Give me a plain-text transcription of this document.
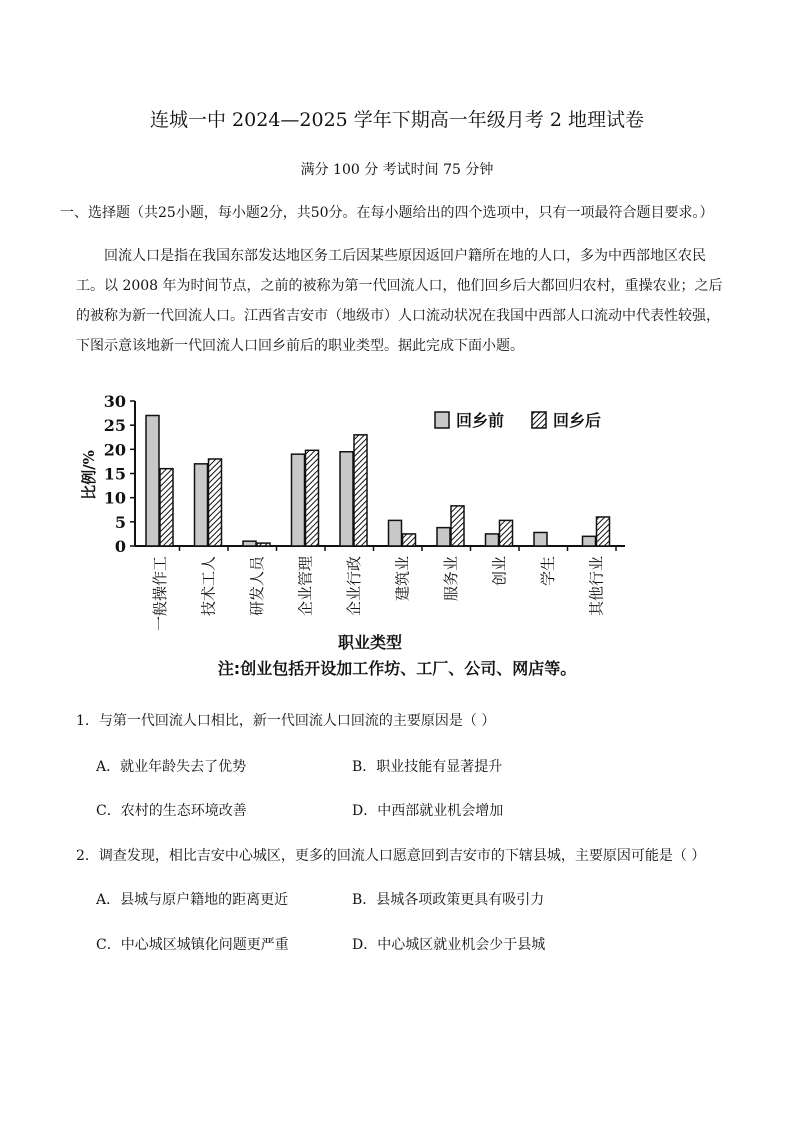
连城一中 2024—2025 学年下期高一年级月考 2 地理试卷
满分 100 分 考试时间 75 分钟
一、选择题（共25小题，每小题2分，共50分。在每小题给出的四个选项中，只有一项最符合题目要求。）

回流人口是指在我国东部发达地区务工后因某些原因返回户籍所在地的人口，多为中西部地区农民

工。以 2008 年为时间节点，之前的被称为第一代回流人口，他们回乡后大都回归农村，重操农业；之后

的被称为新一代回流人口。江西省吉安市（地级市）人口流动状况在我国中西部人口流动中代表性较强，

下图示意该地新一代回流人口回乡前后的职业类型。据此完成下面小题。

30
25
20
15
10
5
0
比例/%
一般操作工 技术工人 研发人员 企业管理 企业行政 建筑业 服务业 创业 学生 其他行业
职业类型
回乡前	回乡后
注:创业包括开设加工作坊、工厂、公司、网店等。
1．与第一代回流人口相比，新一代回流人口回流的主要原因是（ ）
A．就业年龄失去了优势	B．职业技能有显著提升
C．农村的生态环境改善	D．中西部就业机会增加
2．调查发现，相比吉安中心城区，更多的回流人口愿意回到吉安市的下辖县城，主要原因可能是（ ）
A．县城与原户籍地的距离更近	B．县城各项政策更具有吸引力
C．中心城区城镇化问题更严重	D．中心城区就业机会少于县城
